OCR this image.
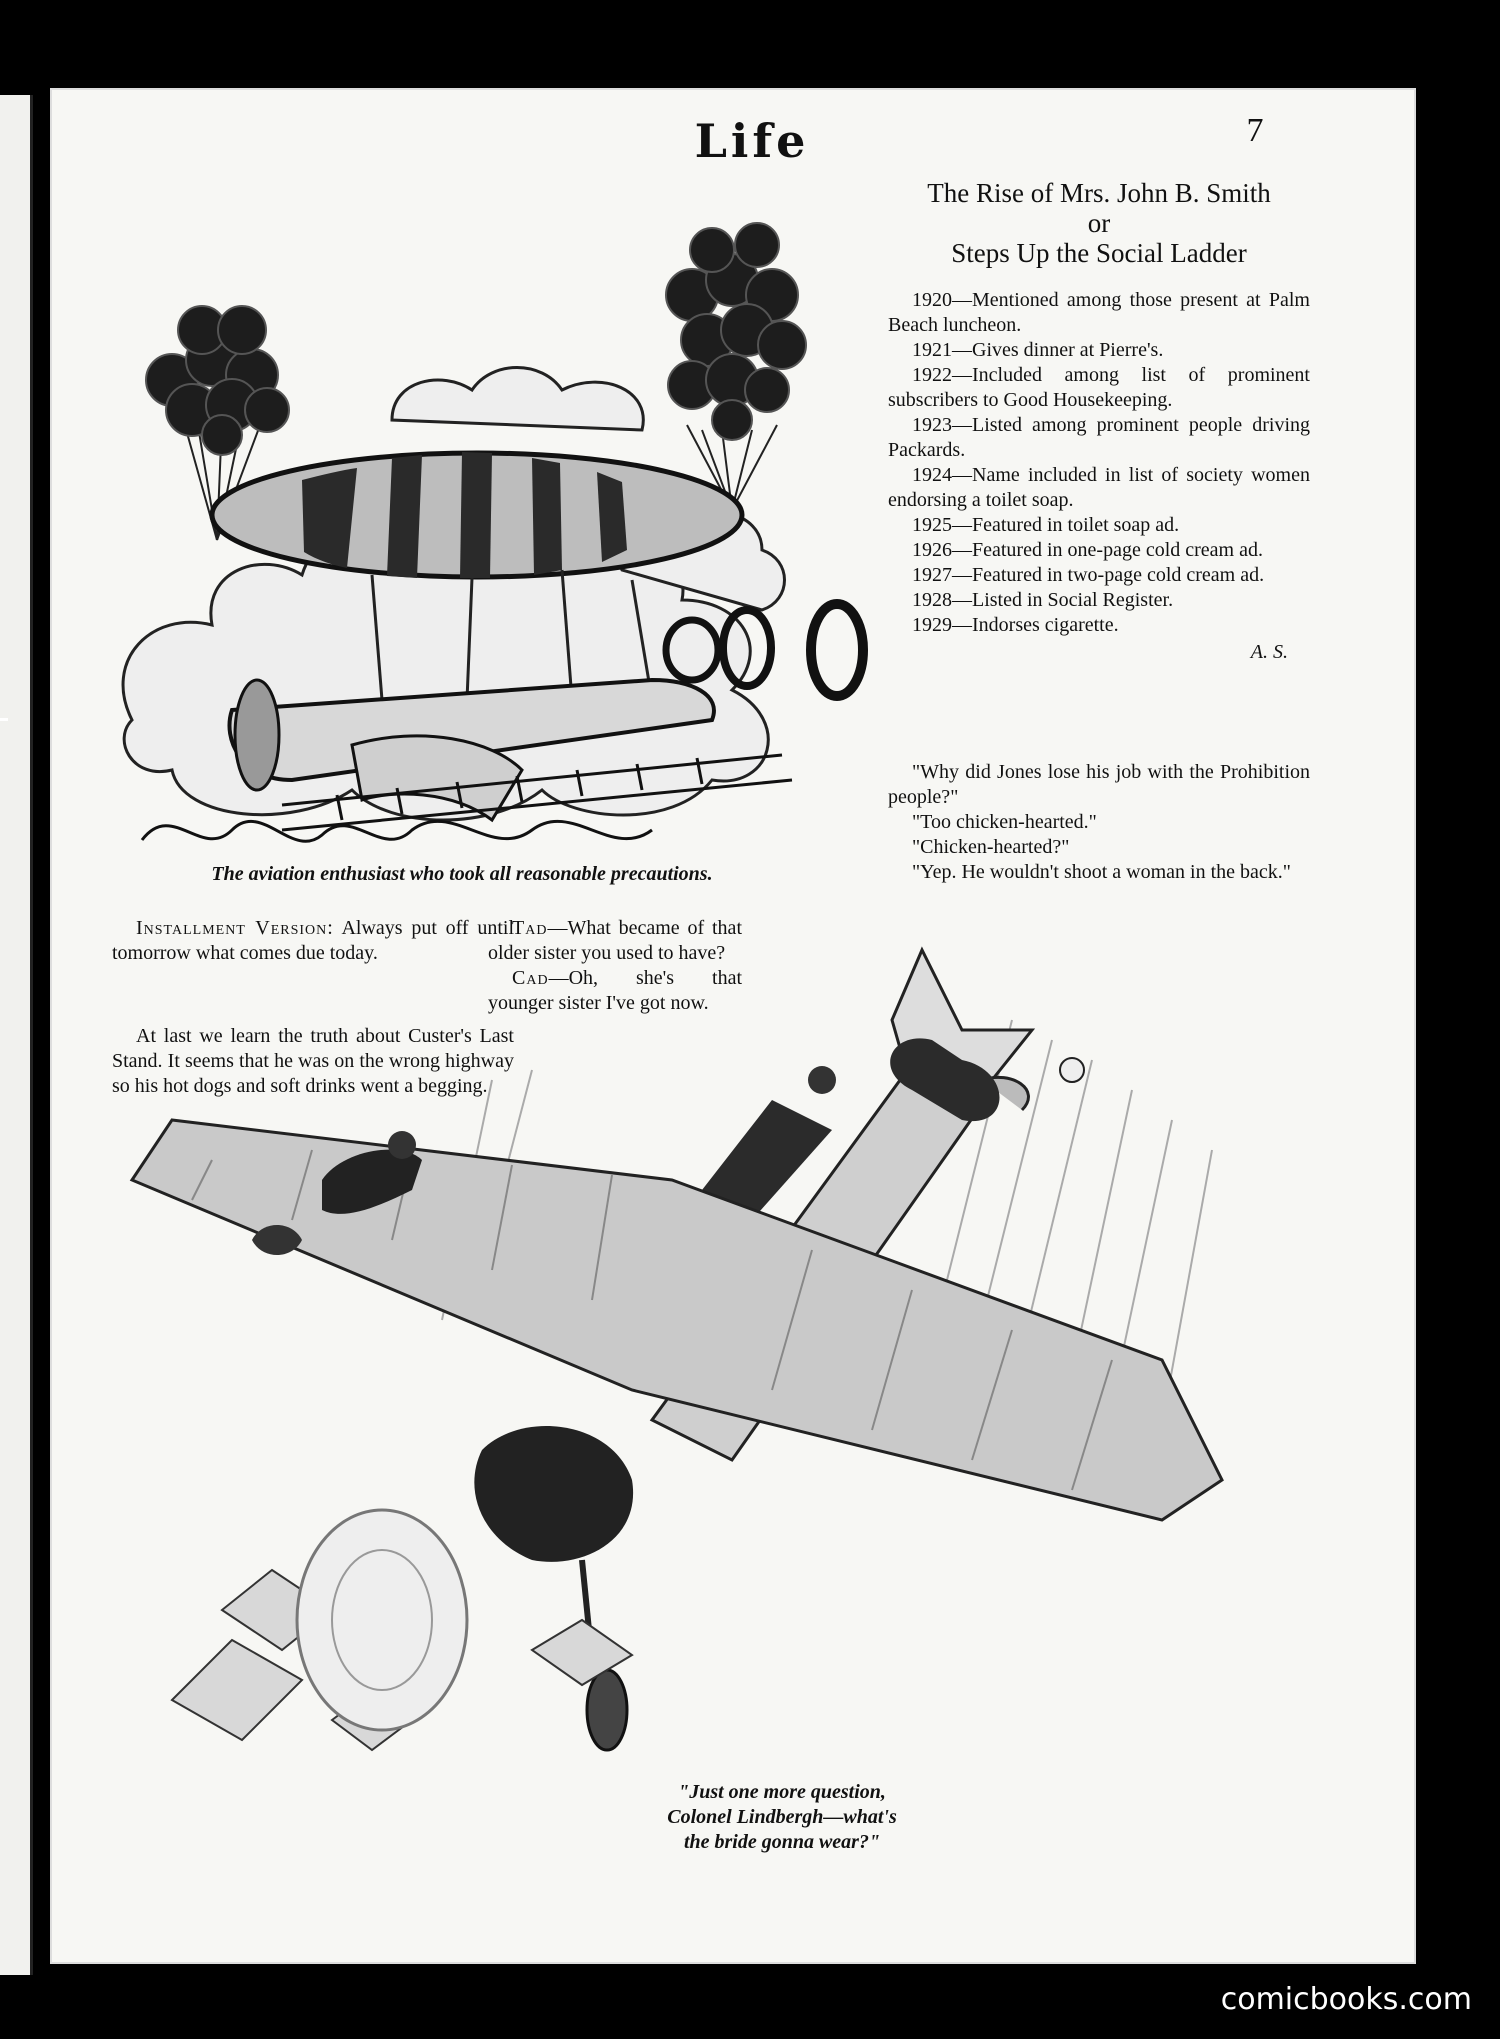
Life	7
The aviation enthusiast who took all reasonable precautions.
The Rise of Mrs. John B. Smith
or
Steps Up the Social Ladder
1920—Mentioned among those present at Palm Beach luncheon.
1921—Gives dinner at Pierre's.
1922—Included among list of prominent subscribers to Good Housekeeping.
1923—Listed among prominent people driving Packards.
1924—Name included in list of society women endorsing a toilet soap.
1925—Featured in toilet soap ad.
1926—Featured in one-page cold cream ad.
1927—Featured in two-page cold cream ad.
1928—Listed in Social Register.
1929—Indorses cigarette.
A. S.
"Why did Jones lose his job with the Prohibition people?"
"Too chicken-hearted."
"Chicken-hearted?"
"Yep. He wouldn't shoot a woman in the back."
Installment Version: Always put off until tomorrow what comes due today.
At last we learn the truth about Custer's Last Stand. It seems that he was on the wrong highway so his hot dogs and soft drinks went a begging.
Tad—What became of that older sister you used to have?
Cad—Oh, she's that younger sister I've got now.
"Just one more question, Colonel Lindbergh—what's the bride gonna wear?"
comicbooks.com
